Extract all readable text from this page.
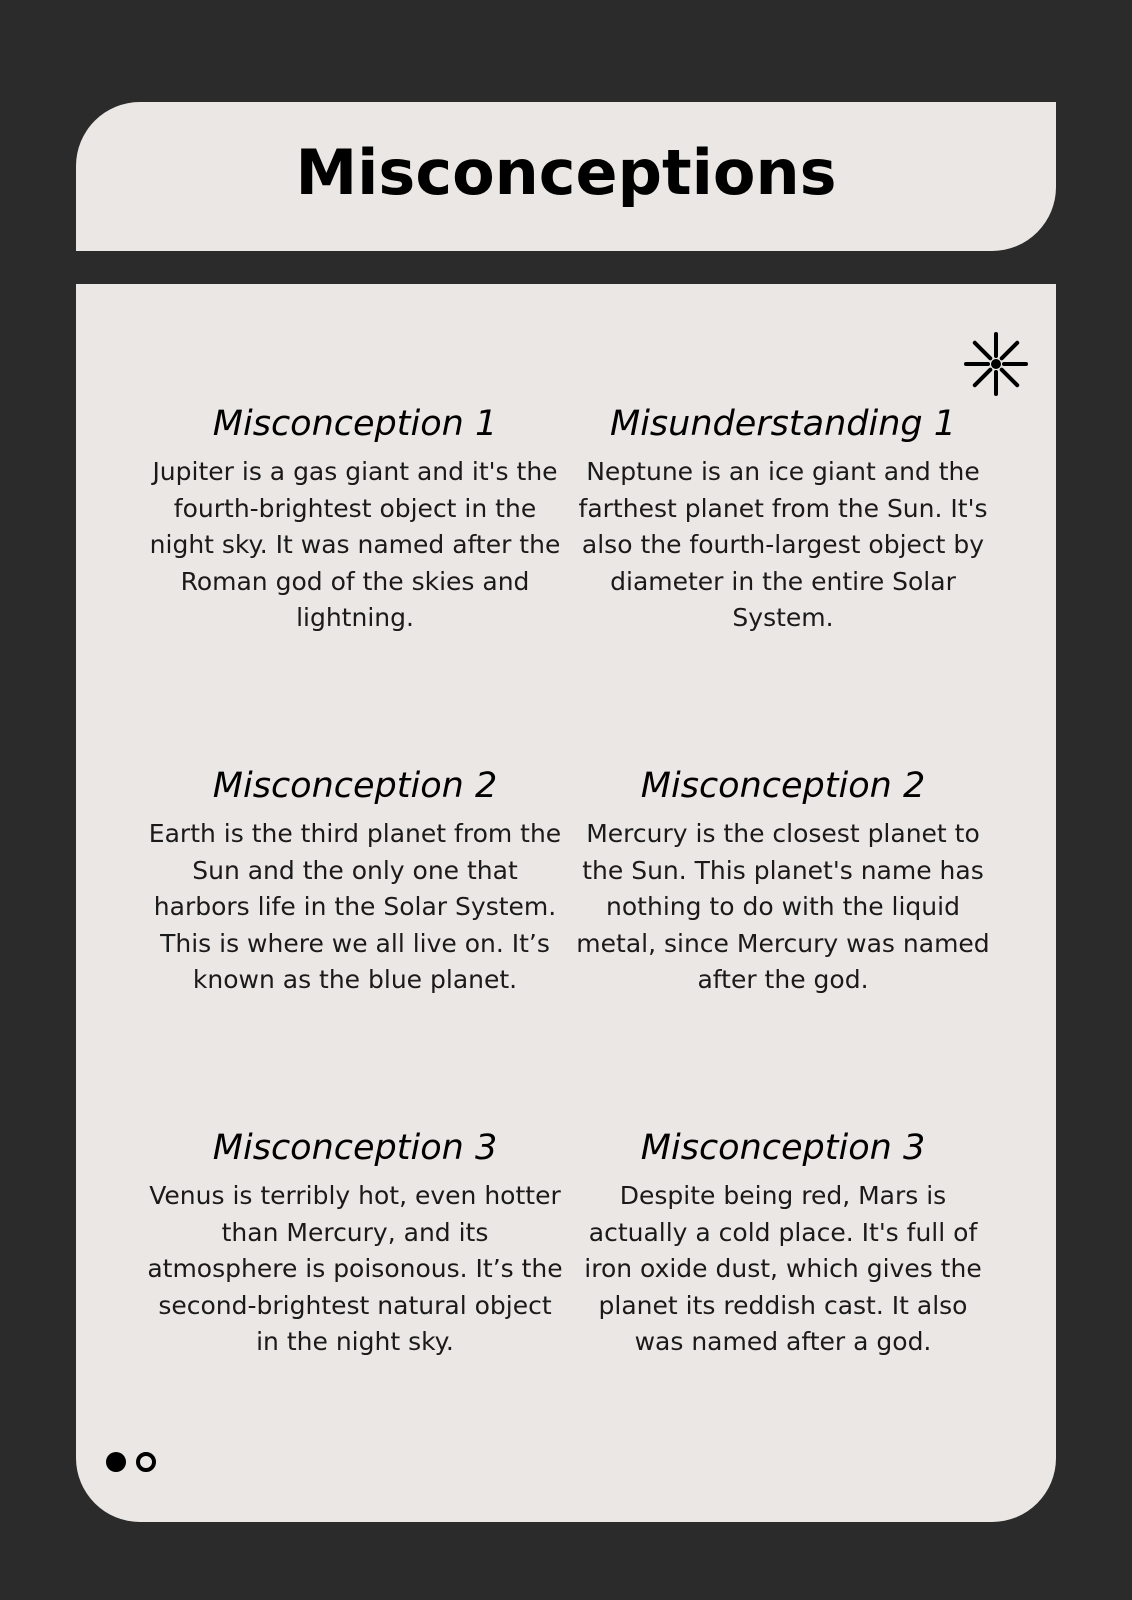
Misconceptions
Misconception 1

Jupiter is a gas giant and it's the fourth-brightest object in the night sky. It was named after the Roman god of the skies and lightning.

Misunderstanding 1

Neptune is an ice giant and the farthest planet from the Sun. It's also the fourth-largest object by diameter in the entire Solar System.

Misconception 2

Earth is the third planet from the Sun and the only one that harbors life in the Solar System. This is where we all live on. It’s known as the blue planet.

Misconception 2

Mercury is the closest planet to the Sun. This planet's name has nothing to do with the liquid metal, since Mercury was named after the god.

Misconception 3

Venus is terribly hot, even hotter than Mercury, and its atmosphere is poisonous. It’s the second-brightest natural object in the night sky.

Misconception 3

Despite being red, Mars is actually a cold place. It's full of iron oxide dust, which gives the planet its reddish cast. It also was named after a god.
